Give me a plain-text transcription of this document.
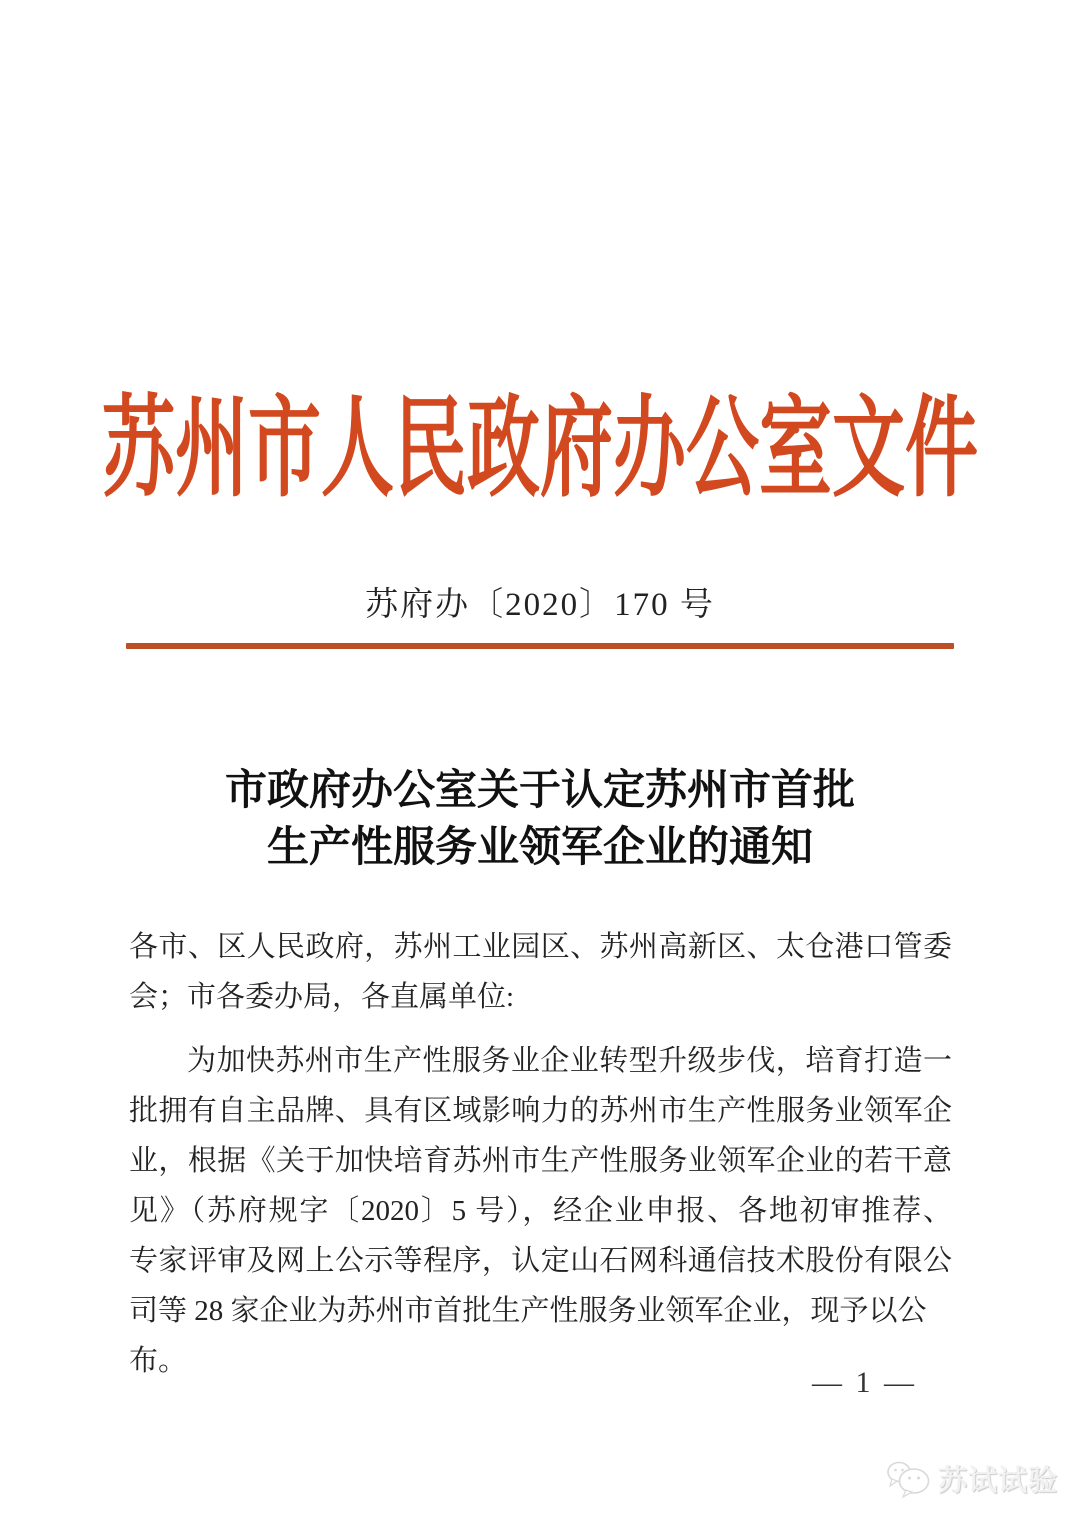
苏州市人民政府办公室文件
苏府办〔2020〕170 号
市政府办公室关于认定苏州市首批
生产性服务业领军企业的通知
各市、区人民政府，苏州工业园区、苏州高新区、太仓港口管委
会；市各委办局，各直属单位:
为加快苏州市生产性服务业企业转型升级步伐，培育打造一
批拥有自主品牌、具有区域影响力的苏州市生产性服务业领军企
业，根据《关于加快培育苏州市生产性服务业领军企业的若干意
见》（苏府规字〔2020〕5 号），经企业申报、各地初审推荐、
专家评审及网上公示等程序，认定山石网科通信技术股份有限公
司等 28 家企业为苏州市首批生产性服务业领军企业，现予以公布。
— 1 —
苏试试验
